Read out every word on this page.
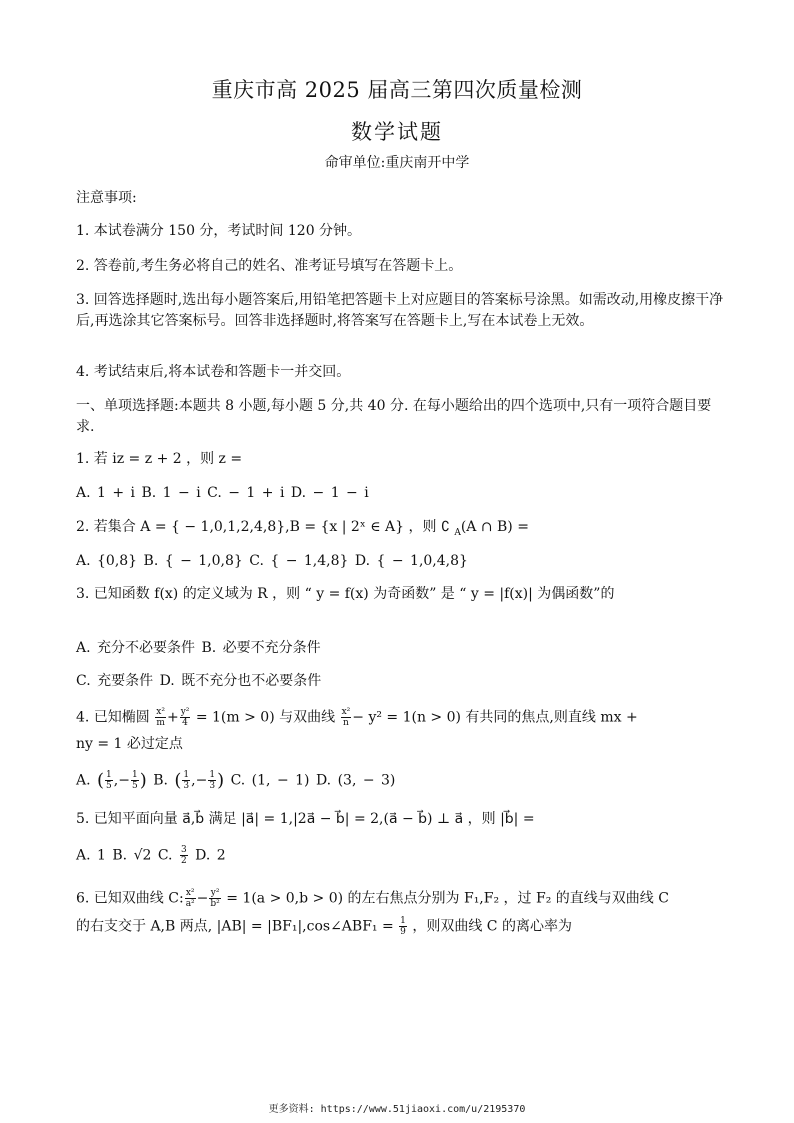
重庆市高 2025 届高三第四次质量检测
数学试题
命审单位:重庆南开中学
注意事项:
1. 本试卷满分 150 分，考试时间 120 分钟。
2. 答卷前,考生务必将自己的姓名、准考证号填写在答题卡上。
3. 回答选择题时,选出每小题答案后,用铅笔把答题卡上对应题目的答案标号涂黑。如需改动,用橡皮擦干净后,再选涂其它答案标号。回答非选择题时,将答案写在答题卡上,写在本试卷上无效。
4. 考试结束后,将本试卷和答题卡一并交回。
一、单项选择题:本题共 8 小题,每小题 5 分,共 40 分. 在每小题给出的四个选项中,只有一项符合题目要求.
1. 若 iz = z + 2 ，则 z =
A. 1 + i B. 1 − i C. − 1 + i D. − 1 − i
2. 若集合 A = { − 1,0,1,2,4,8},B = {x | 2ˣ ∈ A} ，则 ∁ $_A$(A ∩ B) =
A. {0,8} B. { − 1,0,8} C. { − 1,4,8} D. { − 1,0,4,8}
3. 已知函数 f(x) 的定义域为 R ，则 “ y = f(x) 为奇函数” 是 “ y = |f(x)| 为偶函数”的
A. 充分不必要条件 B. 必要不充分条件
C. 充要条件 D. 既不充分也不必要条件
4. 已知椭圆 $\frac{\text{x²}}{m} + \frac{\text{y²}}{4} = 1(m > 0)$ 与双曲线 $\frac{\text{x²}}{n} - y^2 = 1(n > 0)$ 有共同的焦点,则直线 mx +
ny = 1 必过定点
A. ( $\frac{1}{5}$ ,− $\frac{1}{5}$ ) B. ( $\frac{1}{3}$ ,− $\frac{1}{3}$ ) C. (1, − 1) D. (3, − 3)
5. 已知平面向量 a⃗,b⃗ 满足 |a⃗| = 1,|2a⃗ − b⃗| = 2,(a⃗ − b⃗) ⊥ a⃗ ，则 |b⃗| =
A. 1 B. √2 C. $\frac{3}{2} D$. 2
6. 已知双曲线 C: $\frac{\text{x²}}{\text{a²}} - \frac{\text{y²}}{\text{b²}} = 1(a > 0,b > 0)$ 的左右焦点分别为 F₁,F₂ ，过 F₂ 的直线与双曲线 C
的右支交于 A,B 两点, |AB| = |BF₁|,cos∠ABF₁ = $\frac{1}{9}$ ，则双曲线 C 的离心率为
更多资料: https://www.51jiaoxi.com/u/2195370
